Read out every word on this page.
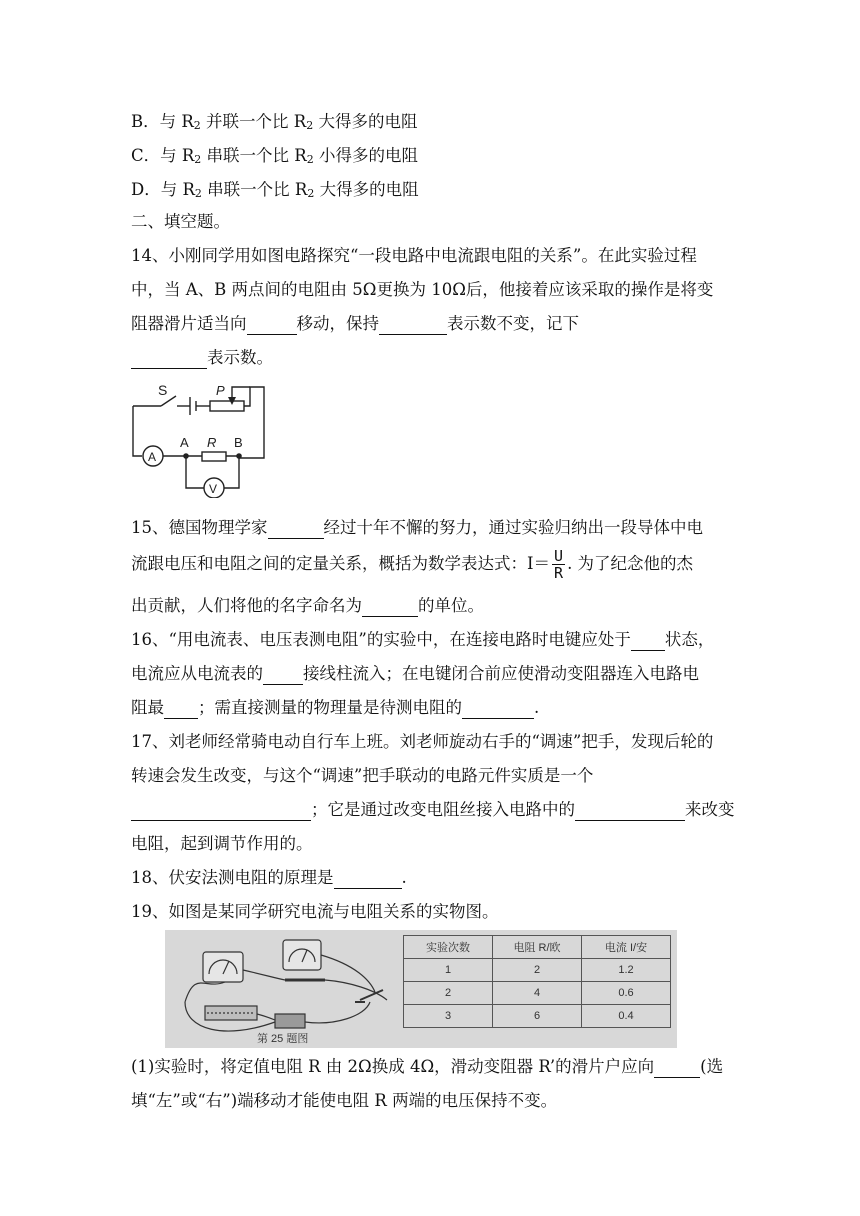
B．与 $R_2$ 并联一个比 $R_2$ 大得多的电阻
C．与 $R_2$ 串联一个比 $R_2$ 小得多的电阻
D．与 $R_2$ 串联一个比 $R_2$ 大得多的电阻
二、填空题。
14、小刚同学用如图电路探究“一段电路中电流跟电阻的关系”。在此实验过程
中，当 A、B 两点间的电阻由 5Ω更换为 10Ω后，他接着应该采取的操作是将变
阻器滑片适当向	移动，保持	表示数不变，记下
表示数。
S	P
A R B
A
V
15、德国物理学家	经过十年不懈的努力，通过实验归纳出一段导体中电
流跟电压和电阻之间的定量关系，概括为数学表达式：$I= \frac{U}{R}$ . 为了纪念他的杰
出贡献，人们将他的名字命名为	的单位。
16、“用电流表、电压表测电阻”的实验中，在连接电路时电键应处于 状态，
电流应从电流表的 接线柱流入；在电键闭合前应使滑动变阻器连入电路电
阻最 ；需直接测量的物理量是待测电阻的	.
17、刘老师经常骑电动自行车上班。刘老师旋动右手的“调速”把手，发现后轮的
转速会发生改变，与这个“调速”把手联动的电路元件实质是一个
；它是通过改变电阻丝接入电路中的	来改变
电阻，起到调节作用的。
18、伏安法测电阻的原理是	.
19、如图是某同学研究电流与电阻关系的实物图。
第 25 题图
实验次数	电阻 R/欧	电流 I/安
1	2	1.2
2	4	0.6
3	6	0.4
(1)实验时，将定值电阻 R 由 2Ω换成 4Ω，滑动变阻器 R’的滑片户应向	(选
填“左”或“右”)端移动才能使电阻 R 两端的电压保持不变。
